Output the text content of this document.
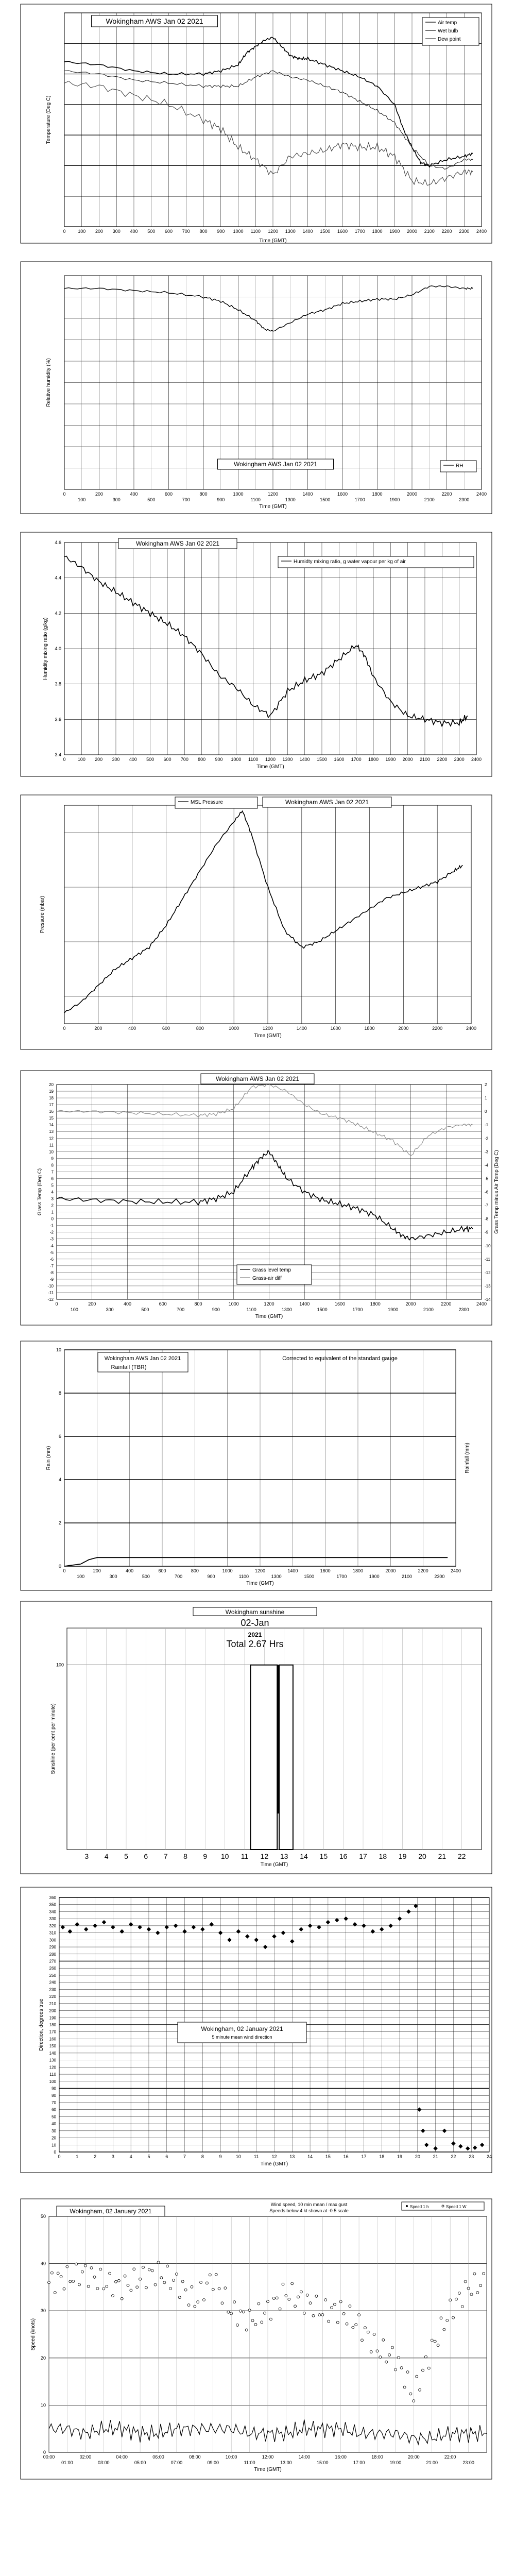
0	100 200 300 400 500 600 700 800 900 1000 1100 1200 1300 1400 1500 1600 1700 1800 1900 2000 2100 2200 2300 2400
Time (GMT)
Temperature (Deg C)
Wokingham AWS Jan 02 2021	Air temp
Wet bulb
Dew point
0	200	400	600	800	1000	1200	1400	1600	1800	2000	2200	2400
100	300	500	700	900	1100	1300	1500	1700	1900	2100	2300
Time (GMT)
Relative humidity (%)
Wokingham AWS Jan 02 2021	RH
3.4
3.6
3.8
4.0
4.2
4.4
4.6
0	100 200 300 400 500 600 700 800 900 1000 1100 1200 1300 1400 1500 1600 1700 1800 1900 2000 2100 2200 2300 2400
Time (GMT)
Humidity mixing ratio (g/kg)
Wokingham AWS Jan 02 2021
Humidty mixing ratio, g water vapour per kg of air
0	200	400	600	800	1000	1200	1400	1600	1800	2000	2200	2400
Time (GMT)
Pressure (mbar)
MSL Pressure	Wokingham AWS Jan 02 2021
-12
-11
-10
-9
-8
-7
-6
-5
-4
-3
-2
-1
0
1
2
3
4
5
6
7
8
9
10
11
12
13
14
15
16
17
18
19
20
-14
-13
-12
-11
-10
-9
-8
-7
-6
-5
-4
-3
-2
-1
0
1
2
0	200	400	600	800	1000	1200	1400	1600	1800	2000	2200	2400
100	300	500	700	900	1100	1300	1500	1700	1900	2100	2300
Time (GMT)
Grass Temp (Deg C)	Grass Temp minus Air Temp (Deg C)
Wokingham AWS Jan 02 2021
Grass level temp
Grass-air diff
0
2
4
6
8
10
0	200	400	600	800	1000	1200	1400	1600	1800	2000	2200	2400
100	300	500	700	900	1100	1300	1500	1700	1900	2100	2300
Time (GMT)
Rain (mm)	Rainfall (mm)
Wokingham AWS Jan 02 2021
Rainfall (TBR)
Corrected to equivalent of the standard gauge
100
3 4 5 6 7 8 9 10 11 12 13 14 15 16 17 18 19 20 21 22
Time (GMT)
Sunshine (per cent per minute)
Wokingham sunshine
02-Jan
2021
Total 2.67 Hrs
0
10
20
30
40
50
60
70
80
90
100
110
120
130
140
150
160
170
180
190
200
210
220
230
240
250
260
270
280
290
300
310
320
330
340
350
360
0	1	2	3	4	5	6	7	8	9	10	11	12	13	14	15	16	17	18	19	20	21	22	23	24
Time (GMT)
Direction, degrees true	Wokingham, 02 January 2021
5 minute mean wind direction
0
10
20
30
40
50
00:00	02:00	04:00	06:00	08:00	10:00	12:00	14:00	16:00	18:00	20:00	22:00
01:00	03:00	05:00	07:00	09:00	11:00	13:00	15:00	17:00	19:00	21:00	23:00
Time (GMT)
Speed (knots)
Wokingham, 02 January 2021
Wind speed, 10 min mean / max gust
Speeds below 4 kt shown at -0.5 scale
Speed 1 h	Speed 1 W
